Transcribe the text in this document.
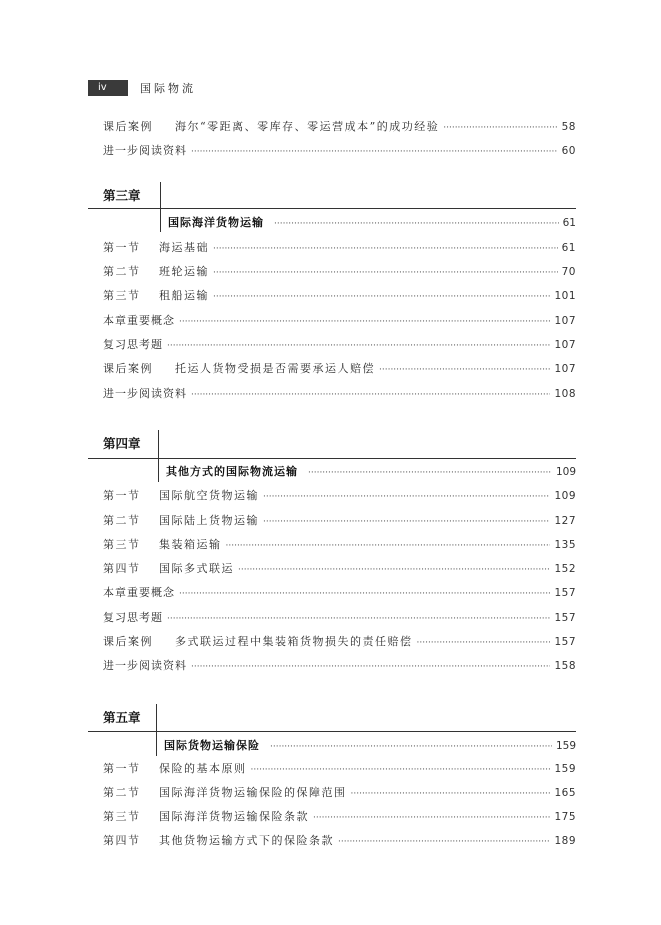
iv	国际物流
课后案例	海尔“零距离、零库存、零运营成本”的成功经验 ·····	58
进一步阅读资料 ·····	60
第三章
国际海洋货物运输 ·····	61
第一节	海运基础 ·····	61
第二节	班轮运输 ·····	70
第三节	租船运输 ·····	101
本章重要概念 ·····	107
复习思考题 ·····	107
课后案例	托运人货物受损是否需要承运人赔偿 ·····	107
进一步阅读资料 ·····	108
第四章
其他方式的国际物流运输 ·····	109
第一节	国际航空货物运输 ·····	109
第二节	国际陆上货物运输 ·····	127
第三节	集装箱运输 ·····	135
第四节	国际多式联运 ·····	152
本章重要概念 ·····	157
复习思考题 ·····	157
课后案例	多式联运过程中集装箱货物损失的责任赔偿 ·····	157
进一步阅读资料 ·····	158
第五章
国际货物运输保险 ·····	159
第一节	保险的基本原则 ·····	159
第二节	国际海洋货物运输保险的保障范围 ·····	165
第三节	国际海洋货物运输保险条款 ·····	175
第四节	其他货物运输方式下的保险条款 ·····	189
